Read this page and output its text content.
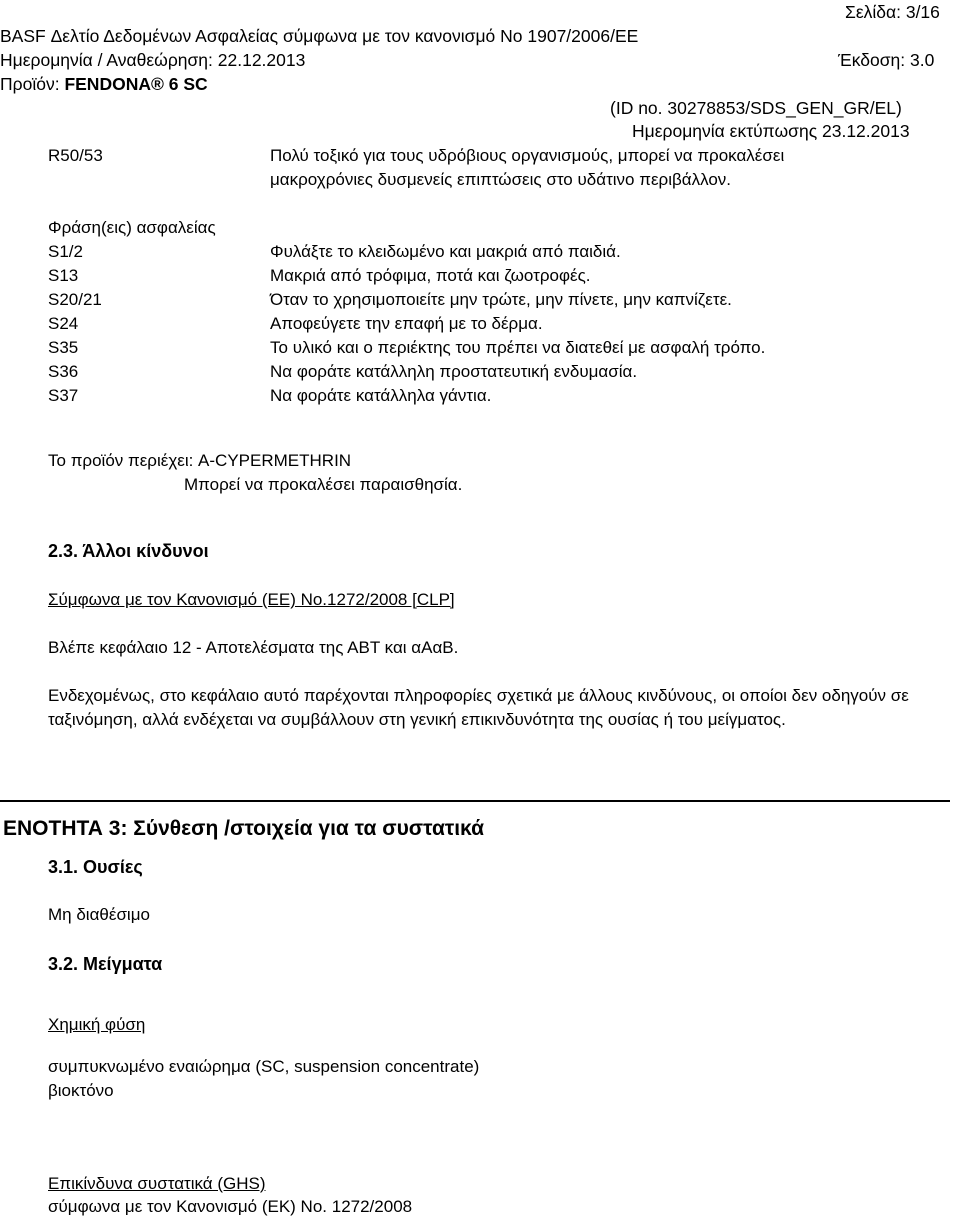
Σελίδα: 3/16
BASF Δελτίο Δεδομένων Ασφαλείας σύμφωνα με τον κανονισμό No 1907/2006/ΕΕ
Ημερομηνία / Αναθεώρηση: 22.12.2013	Έκδοση: 3.0
Προϊόν: FENDONA® 6 SC
(ID no. 30278853/SDS_GEN_GR/EL)
Ημερομηνία εκτύπωσης 23.12.2013
R50/53	Πολύ τοξικό για τους υδρόβιους οργανισμούς, μπορεί να προκαλέσει
μακροχρόνιες δυσμενείς επιπτώσεις στο υδάτινο περιβάλλον.
Φράση(εις) ασφαλείας
S1/2	Φυλάξτε το κλειδωμένο και μακριά από παιδιά.
S13	Μακριά από τρόφιμα, ποτά και ζωοτροφές.
S20/21	Όταν το χρησιμοποιείτε μην τρώτε, μην πίνετε, μην καπνίζετε.
S24	Αποφεύγετε την επαφή με το δέρμα.
S35	Το υλικό και ο περιέκτης του πρέπει να διατεθεί με ασφαλή τρόπο.
S36	Να φοράτε κατάλληλη προστατευτική ενδυμασία.
S37	Να φοράτε κατάλληλα γάντια.
Το προϊόν περιέχει: A-CYPERMETHRIN
Μπορεί να προκαλέσει παραισθησία.
2.3. Άλλοι κίνδυνοι
Σύμφωνα με τον Κανονισμό (ΕΕ) No.1272/2008 [CLP]
Βλέπε κεφάλαιο 12 - Αποτελέσματα της ΑΒΤ και αΑαΒ.
Ενδεχομένως, στο κεφάλαιο αυτό παρέχονται πληροφορίες σχετικά με άλλους κινδύνους, οι οποίοι δεν οδηγούν σε ταξινόμηση, αλλά ενδέχεται να συμβάλλουν στη γενική επικινδυνότητα της ουσίας ή του μείγματος.
ΕΝΟΤΗΤΑ 3: Σύνθεση /στοιχεία για τα συστατικά
3.1. Ουσίες
Μη διαθέσιμο
3.2. Μείγματα
Χημική φύση
συμπυκνωμένο εναιώρημα (SC, suspension concentrate)
βιοκτόνο
Επικίνδυνα συστατικά (GHS)
σύμφωνα με τον Κανονισμό (ΕΚ) Νο. 1272/2008
